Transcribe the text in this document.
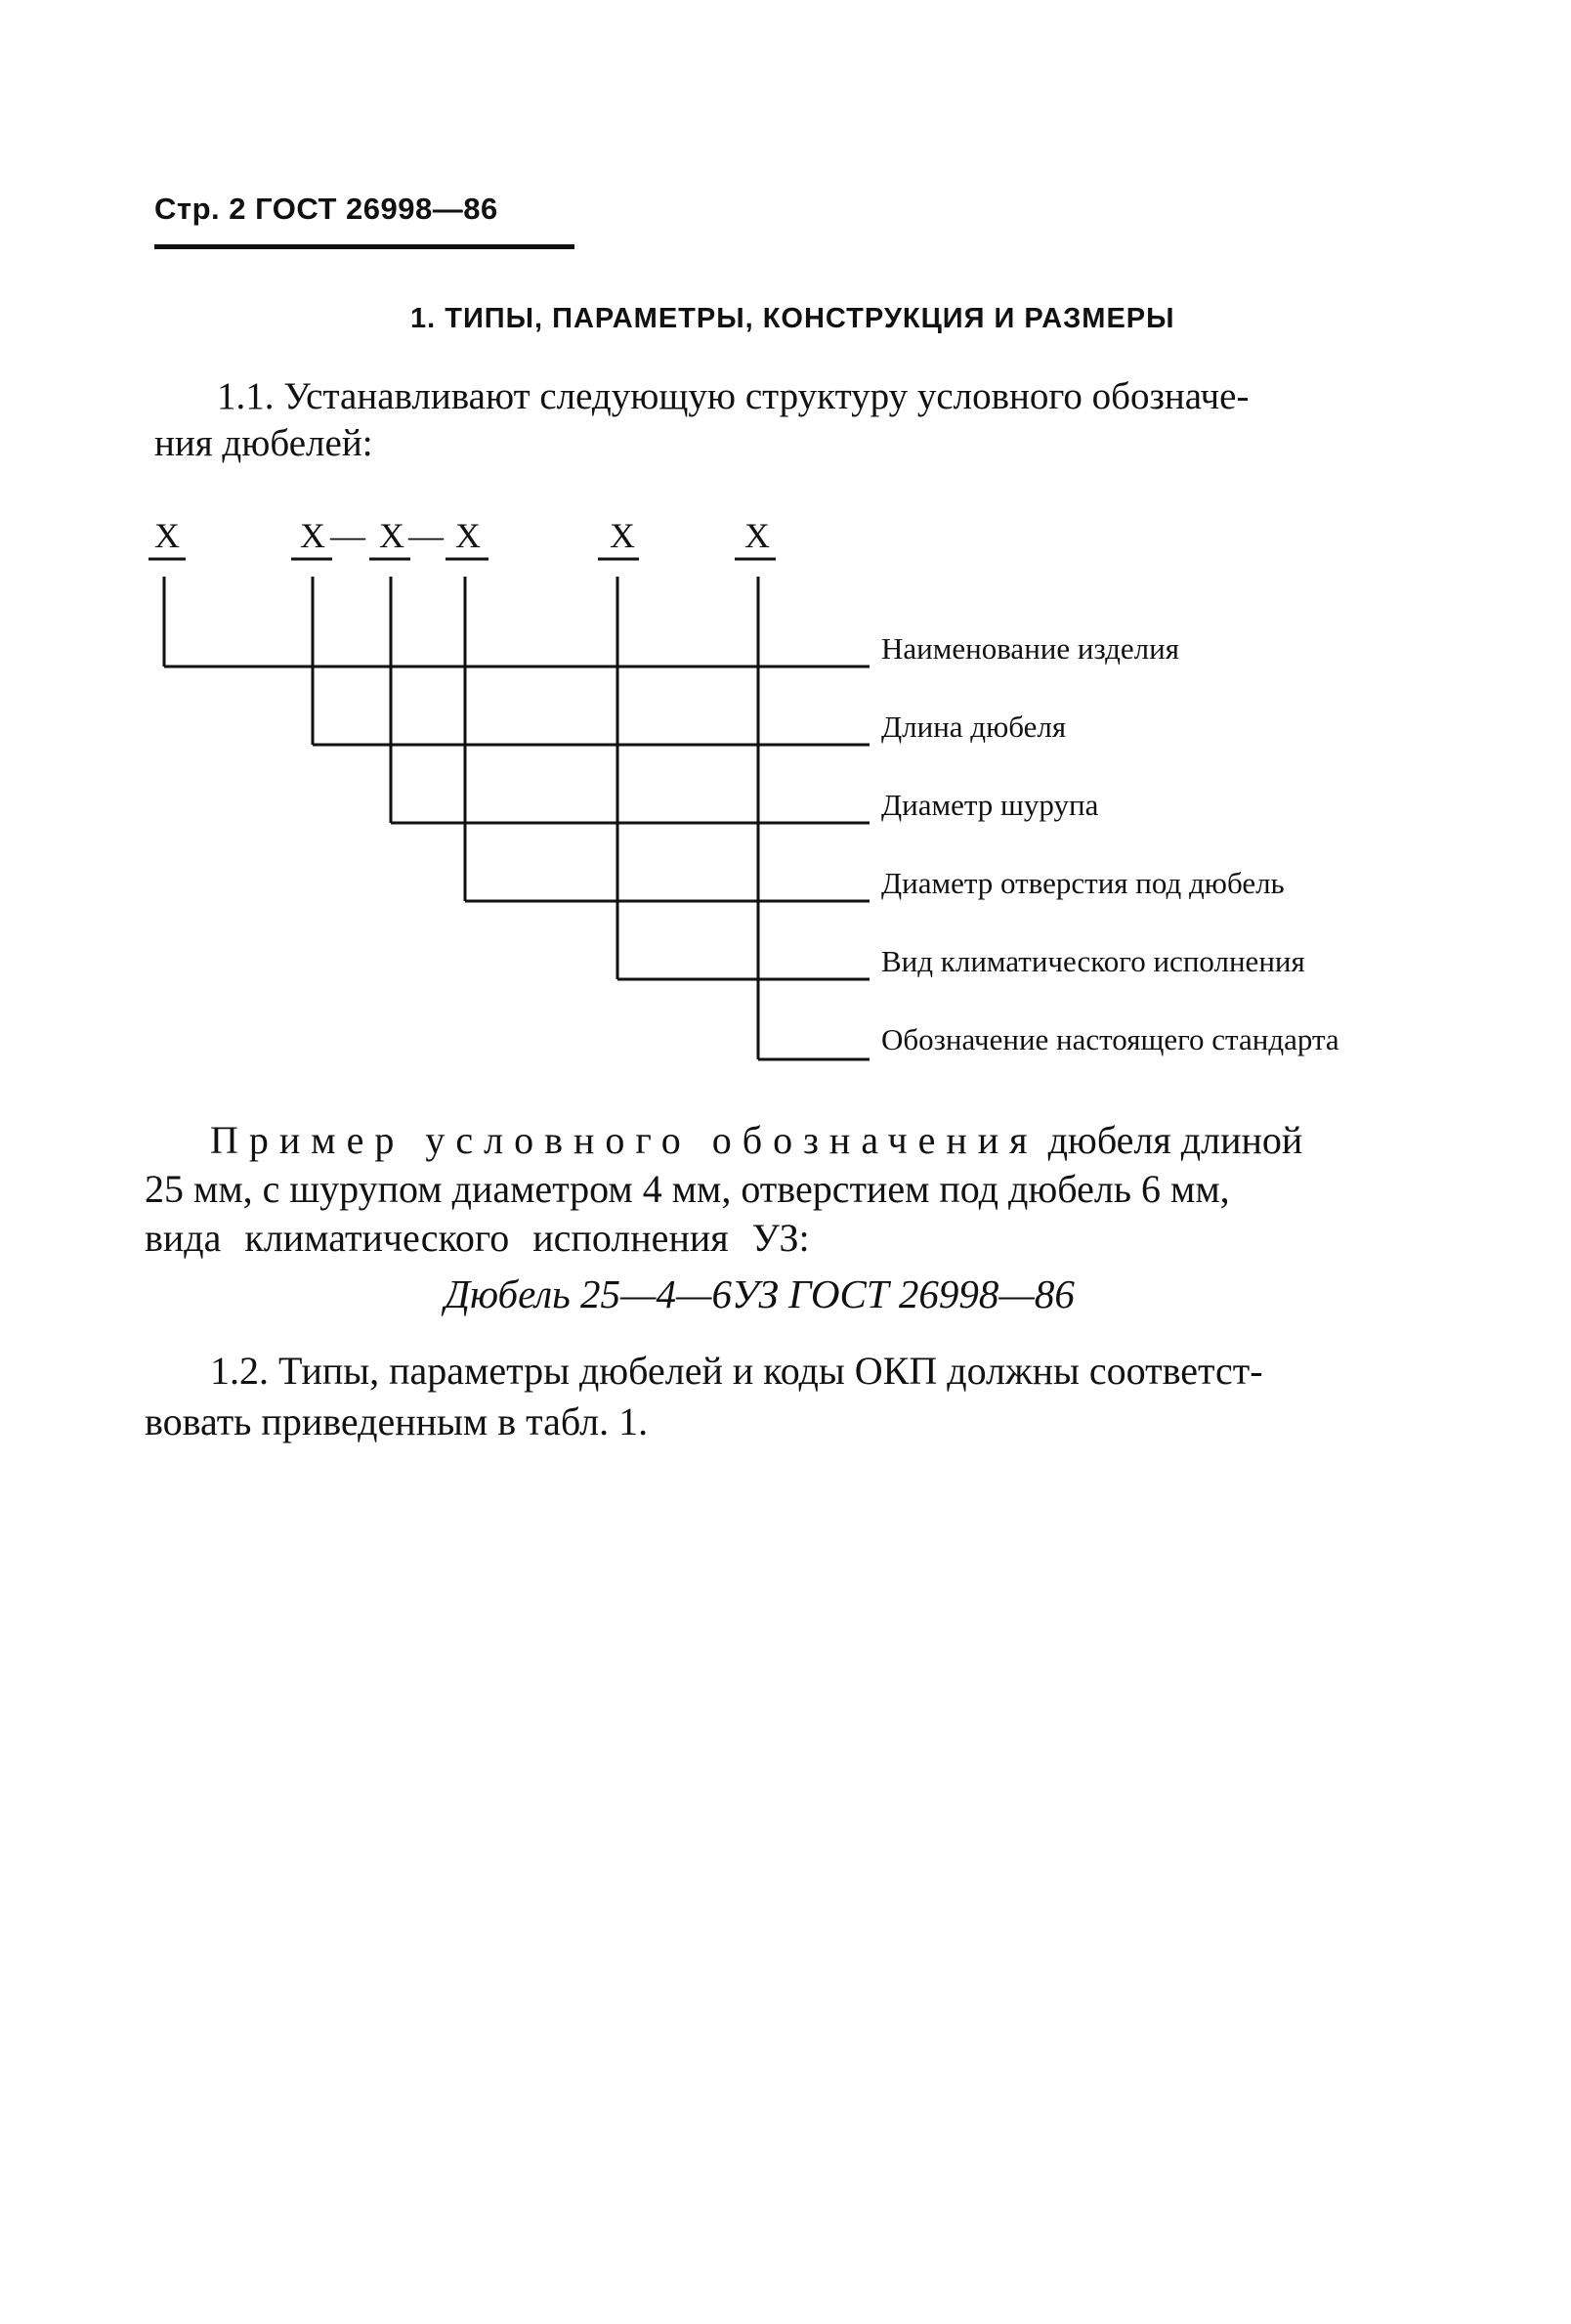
Стр. 2 ГОСТ 26998—86
1. ТИПЫ, ПАРАМЕТРЫ, КОНСТРУКЦИЯ И РАЗМЕРЫ

1.1. Устанавливают следующую структуру условного обозначе-

ния дюбелей:

X	X — X — X	X	X
Наименование изделия
Длина дюбеля
Диаметр шурупа
Диаметр отверстия под дюбель
Вид климатического исполнения
Обозначение настоящего стандарта
Пример условного обозначения дюбеля длиной
25 мм, с шурупом диаметром 4 мм, отверстием под дюбель 6 мм,
вида климатического исполнения УЗ:
Дюбель 25—4—6УЗ ГОСТ 26998—86
1.2. Типы, параметры дюбелей и коды ОКП должны соответст-
вовать приведенным в табл. 1.
